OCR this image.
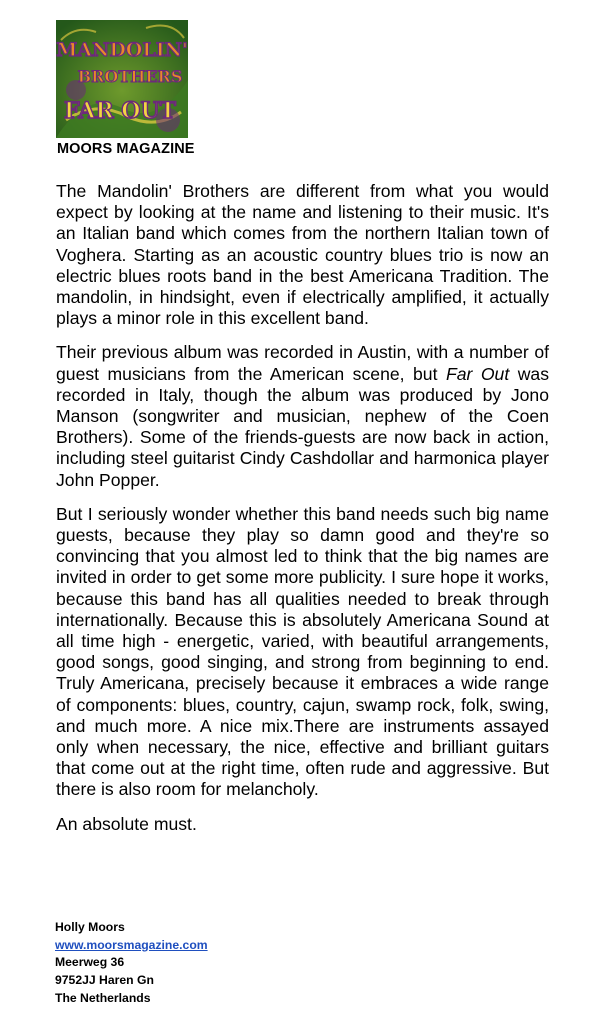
MANDOLIN'
BROTHERS
FAR OUT
MOORS MAGAZINE

The Mandolin' Brothers are different from what you would expect by looking at the name and listening to their music. It's an Italian band which comes from the northern Italian town of Voghera. Starting as an acoustic country blues trio is now an electric blues roots band in the best Americana Tradition. The mandolin, in hindsight, even if electrically amplified, it actually plays a minor role in this excellent band.

Their previous album was recorded in Austin, with a number of guest musicians from the American scene, but Far Out was recorded in Italy, though the album was produced by Jono Manson (songwriter and musician, nephew of the Coen Brothers). Some of the friends-guests are now back in action, including steel guitarist Cindy Cashdollar and harmonica player John Popper.

But I seriously wonder whether this band needs such big name guests, because they play so damn good and they're so convincing that you almost led to think that the big names are invited in order to get some more publicity. I sure hope it works, because this band has all qualities needed to break through internationally. Because this is absolutely Americana Sound at all time high - energetic, varied, with beautiful arrangements, good songs, good singing, and strong from beginning to end. Truly Americana, precisely because it embraces a wide range of components: blues, country, cajun, swamp rock, folk, swing, and much more. A nice mix.There are instruments assayed only when necessary, the nice, effective and brilliant guitars that come out at the right time, often rude and aggressive. But there is also room for melancholy.

An absolute must.

Holly Moors
www.moorsmagazine.com
Meerweg 36
9752JJ Haren Gn
The Netherlands
